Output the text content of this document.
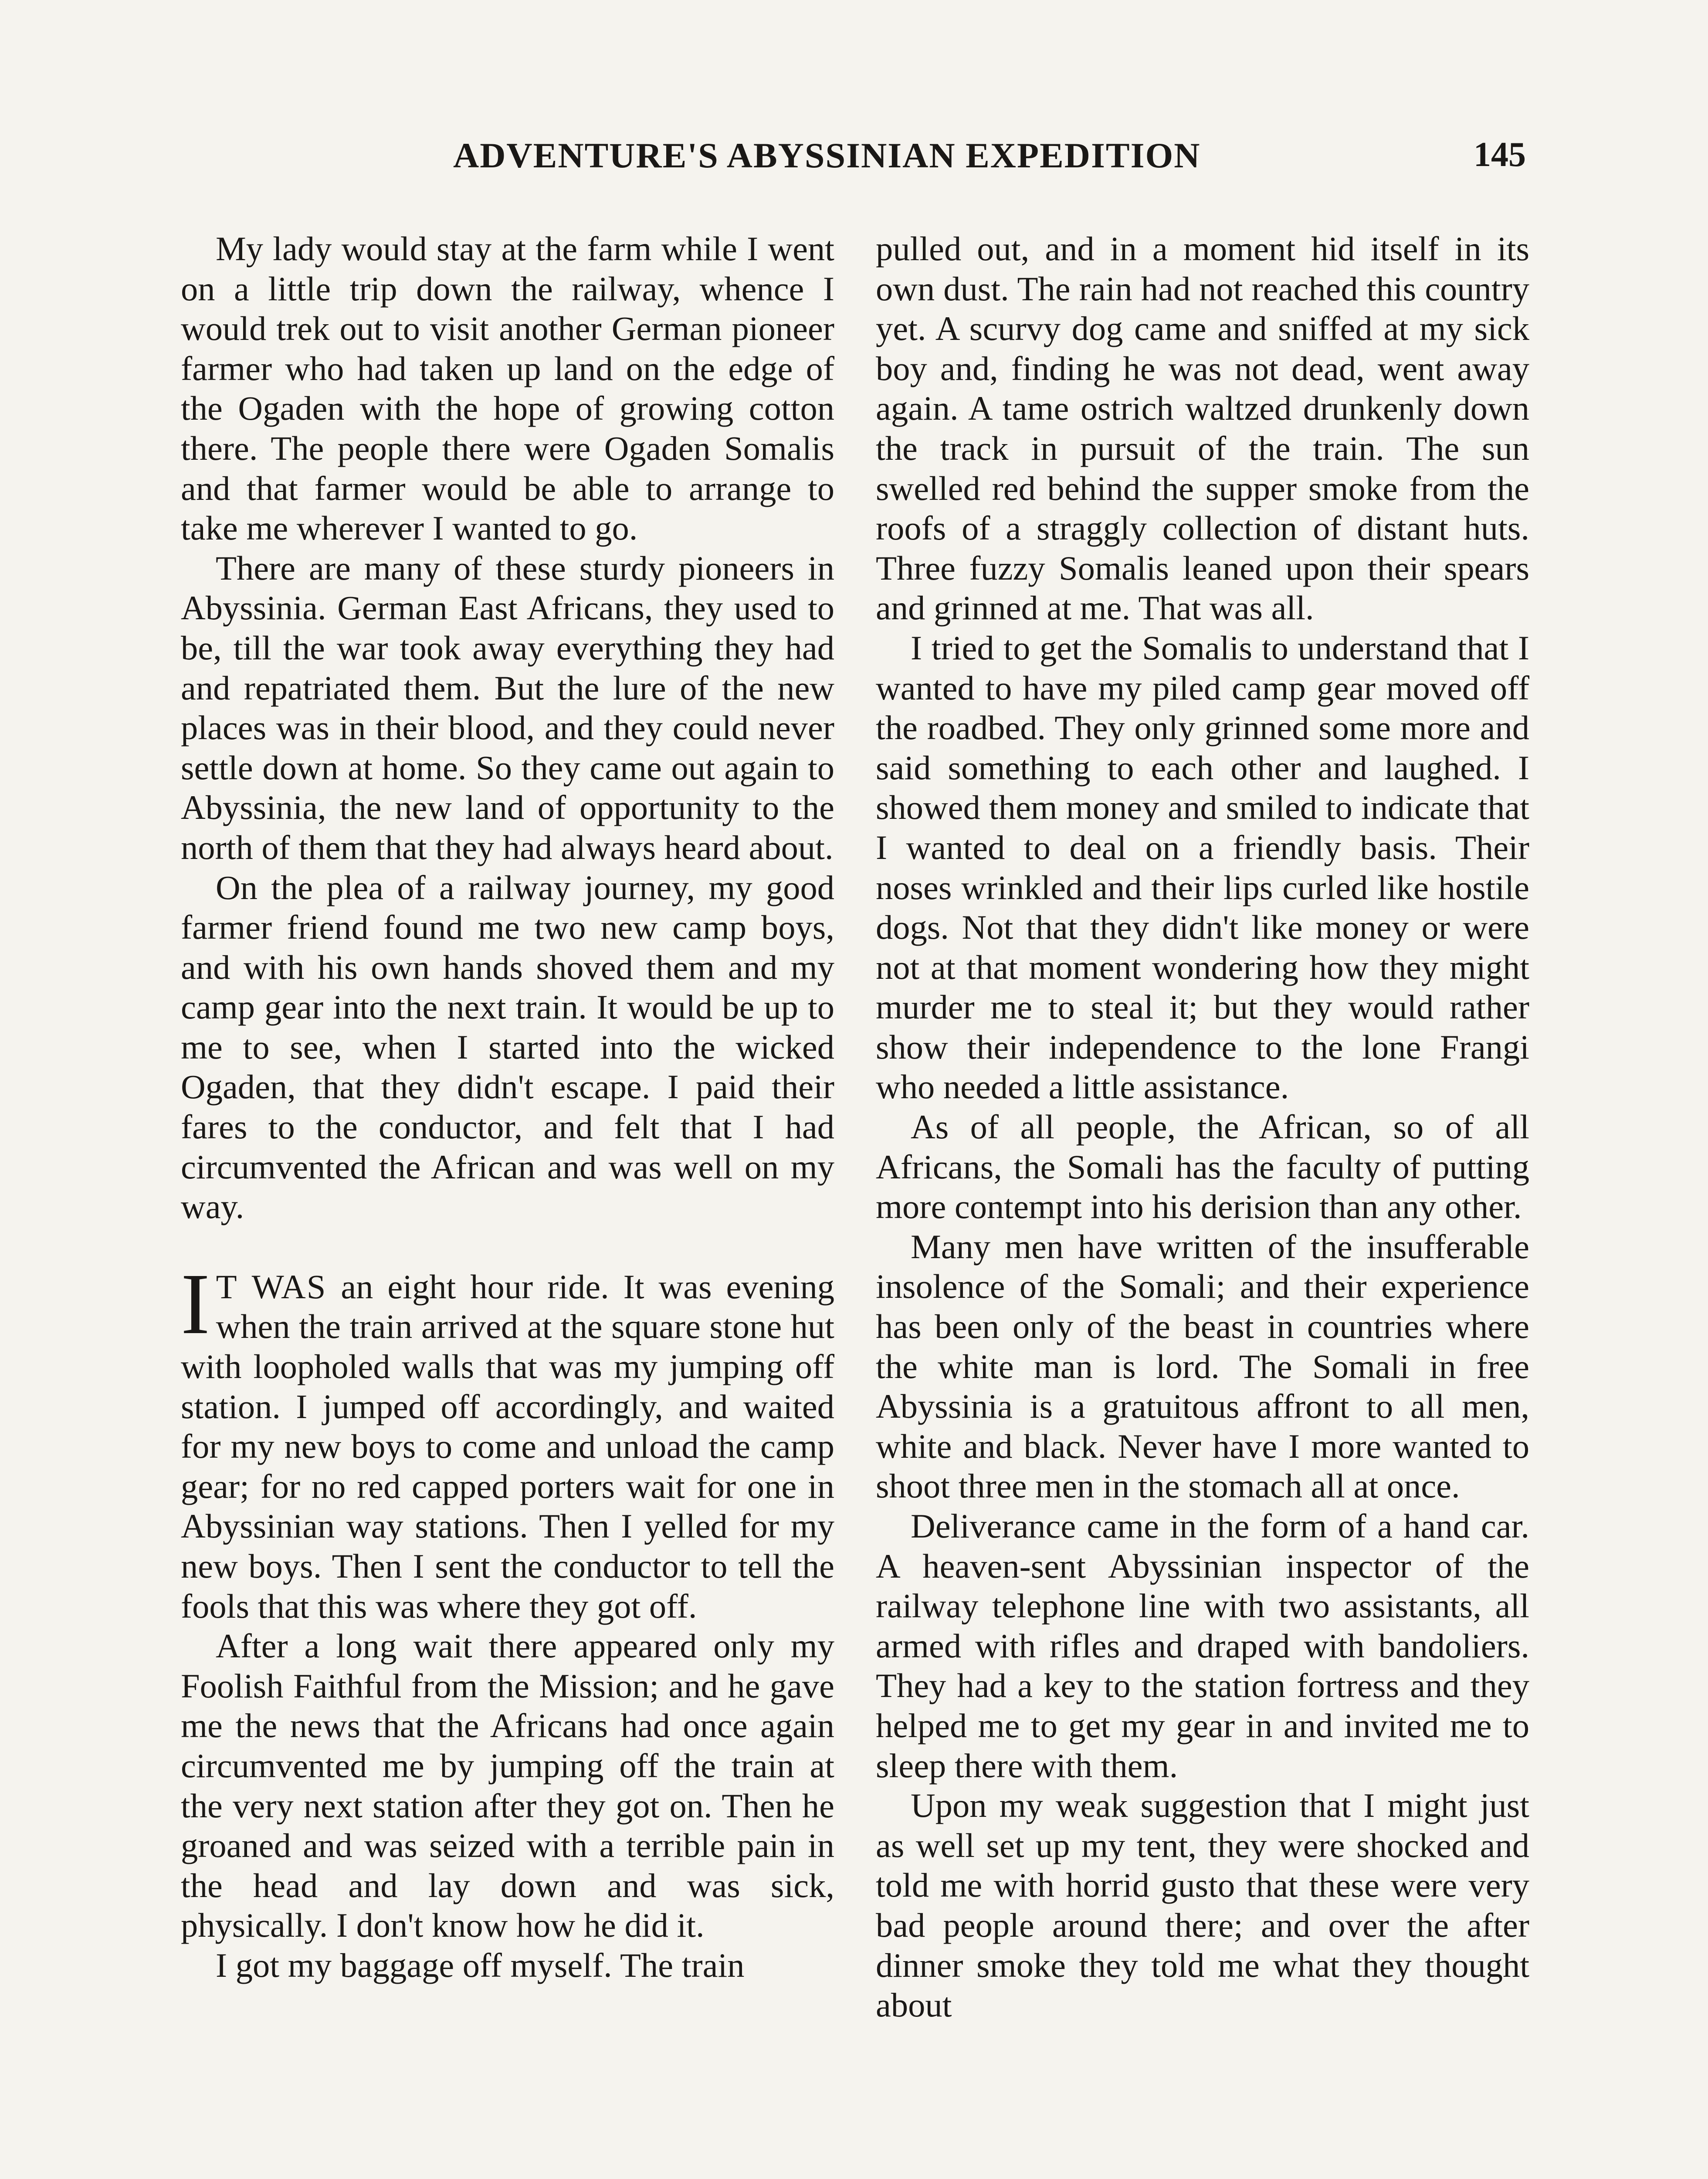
ADVENTURE'S ABYSSINIAN EXPEDITION	145

My lady would stay at the farm while I went on a little trip down the railway, whence I would trek out to visit another German pioneer farmer who had taken up land on the edge of the Ogaden with the hope of growing cotton there. The people there were Ogaden Somalis and that farmer would be able to arrange to take me wherever I wanted to go.

There are many of these sturdy pioneers in Abyssinia. German East Africans, they used to be, till the war took away everything they had and repatriated them. But the lure of the new places was in their blood, and they could never settle down at home. So they came out again to Abyssinia, the new land of opportunity to the north of them that they had always heard about.

On the plea of a railway journey, my good farmer friend found me two new camp boys, and with his own hands shoved them and my camp gear into the next train. It would be up to me to see, when I started into the wicked Ogaden, that they didn't escape. I paid their fares to the conductor, and felt that I had circumvented the African and was well on my way.

I T WAS an eight hour ride. It was evening when the train arrived at the square stone hut with loopholed walls that was my jumping off station. I jumped off accordingly, and waited for my new boys to come and unload the camp gear; for no red capped porters wait for one in Abyssinian way stations. Then I yelled for my new boys. Then I sent the conductor to tell the fools that this was where they got off.

After a long wait there appeared only my Foolish Faithful from the Mission; and he gave me the news that the Africans had once again circumvented me by jumping off the train at the very next station after they got on. Then he groaned and was seized with a terrible pain in the head and lay down and was sick, physically. I don't know how he did it.

I got my baggage off myself. The train

pulled out, and in a moment hid itself in its own dust. The rain had not reached this country yet. A scurvy dog came and sniffed at my sick boy and, finding he was not dead, went away again. A tame ostrich waltzed drunkenly down the track in pursuit of the train. The sun swelled red behind the supper smoke from the roofs of a straggly collection of distant huts. Three fuzzy Somalis leaned upon their spears and grinned at me. That was all.

I tried to get the Somalis to understand that I wanted to have my piled camp gear moved off the roadbed. They only grinned some more and said something to each other and laughed. I showed them money and smiled to indicate that I wanted to deal on a friendly basis. Their noses wrinkled and their lips curled like hostile dogs. Not that they didn't like money or were not at that moment wondering how they might murder me to steal it; but they would rather show their independence to the lone Frangi who needed a little assistance.

As of all people, the African, so of all Africans, the Somali has the faculty of putting more contempt into his derision than any other.

Many men have written of the insufferable insolence of the Somali; and their experience has been only of the beast in countries where the white man is lord. The Somali in free Abyssinia is a gratuitous affront to all men, white and black. Never have I more wanted to shoot three men in the stomach all at once.

Deliverance came in the form of a hand car. A heaven-sent Abyssinian inspector of the railway telephone line with two assistants, all armed with rifles and draped with bandoliers. They had a key to the station fortress and they helped me to get my gear in and invited me to sleep there with them.

Upon my weak suggestion that I might just as well set up my tent, they were shocked and told me with horrid gusto that these were very bad people around there; and over the after dinner smoke they told me what they thought about
